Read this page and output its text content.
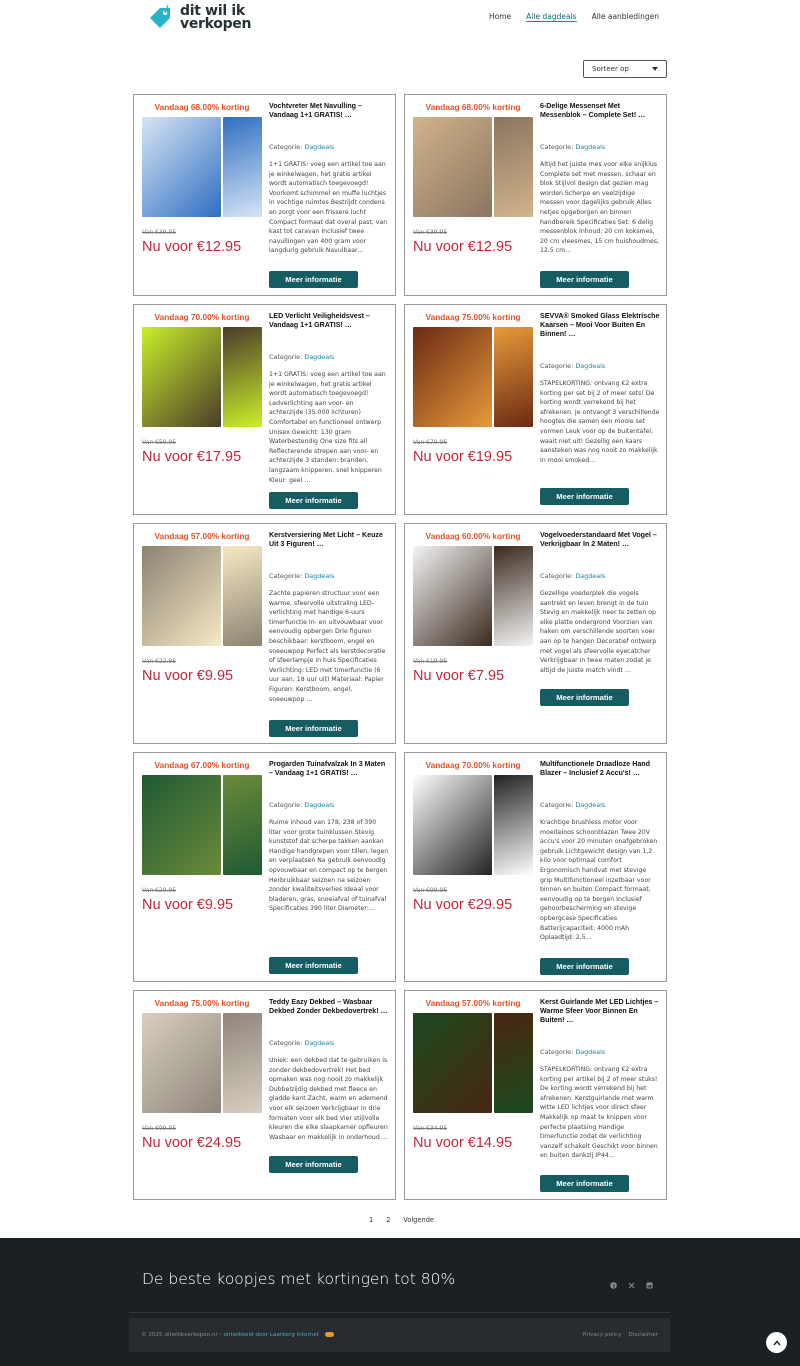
dit wil ik
verkopen	Home Alle dagdeals Alle aanbiedingen
Sorteer op
Vandaag 68.00% korting
Van €39.95
Nu voor €12.95
Vochtvreter Met Navulling – Vandaag 1+1 GRATIS! …
Categorie: Dagdeals
1+1 GRATIS: voeg een artikel toe aan je winkelwagen, het gratis artikel wordt automatisch toegevoegd! Voorkomt schimmel en muffe luchtjes in vochtige ruimtes Bestrijdt condens en zorgt voor een frissere lucht Compact formaat dat overal past, van kast tot caravan Inclusief twee navullingen van 400 gram voor langdurig gebruik Navulbaar…
Meer informatie
Vandaag 68.00% korting
Van €39.95
Nu voor €12.95
6-Delige Messenset Met Messenblok – Complete Set! …
Categorie: Dagdeals
Altijd het juiste mes voor elke snijklus Complete set met messen, schaar en blok Stijlvol design dat gezien mag worden Scherpe en veelzijdige messen voor dagelijks gebruik Alles netjes opgeborgen en binnen handbereik Specificaties Set: 6 delig messenblok Inhoud: 20 cm koksmes, 20 cm vleesmes, 15 cm huishoudmes, 12,5 cm…
Meer informatie
Vandaag 70.00% korting
Van €59.95
Nu voor €17.95
LED Verlicht Veiligheidsvest – Vandaag 1+1 GRATIS! …
Categorie: Dagdeals
1+1 GRATIS: voeg een artikel toe aan je winkelwagen, het gratis artikel wordt automatisch toegevoegd! Ledverlichting aan voor- en achterzijde (35.000 lichturen) Comfortabel en functioneel ontwerp Unisex Gewicht: 130 gram Waterbestendig One size fits all Reflecterende strepen aan voor- en achterzijde 3 standen: branden, langzaam knipperen, snel knipperen Kleur: geel …
Meer informatie
Vandaag 75.00% korting
Van €79.95
Nu voor €19.95
SEVVA® Smoked Glass Elektrische Kaarsen – Mooi Voor Buiten En Binnen! …
Categorie: Dagdeals
STAPELKORTING: ontvang €2 extra korting per set bij 2 of meer sets! De korting wordt verrekend bij het afrekenen. Je ontvangt 3 verschillende hoogtes die samen een mooie set vormen Leuk voor op de buitentafel, waait niet uit! Gezellig een kaars aansteken was nog nooit zo makkelijk In mooi smoked…
Meer informatie
Vandaag 57.00% korting
Van €22.95
Nu voor €9.95
Kerstversiering Met Licht – Keuze Uit 3 Figuren! …
Categorie: Dagdeals
Zachte papieren structuur voor een warme, sfeervolle uitstraling LED-verlichting met handige 6-uurs timerfunctie In- en uitvouwbaar voor eenvoudig opbergen Drie figuren beschikbaar: kerstboom, engel en sneeuwpop Perfect als kerstdecoratie of sfeerlampje in huis Specificaties Verlichting: LED met timerfunctie (6 uur aan, 18 uur uit) Materiaal: Papier Figuren: Kerstboom, engel, sneeuwpop …
Meer informatie
Vandaag 60.00% korting
Van €19.95
Nu voor €7.95
Vogelvoederstandaard Met Vogel – Verkrijgbaar In 2 Maten! …
Categorie: Dagdeals
Gezellige voederplek die vogels aantrekt en leven brengt in de tuin Stevig en makkelijk neer te zetten op elke platte ondergrond Voorzien van haken om verschillende soorten voer aan op te hangen Decoratief ontwerp met vogel als sfeervolle eyecatcher Verkrijgbaar in twee maten zodat je altijd de juiste match vindt …
Meer informatie
Vandaag 67.00% korting
Van €29.95
Nu voor €9.95
Progarden Tuinafvalzak In 3 Maten – Vandaag 1+1 GRATIS! …
Categorie: Dagdeals
Ruime inhoud van 178, 238 of 390 liter voor grote tuinklussen Stevig kunststof dat scherpe takken aankan Handige handgrepen voor tillen, legen en verplaatsen Na gebruik eenvoudig opvouwbaar en compact op te bergen Herbruikbaar seizoen na seizoen zonder kwaliteitsverlies Ideaal voor bladeren, gras, snoeiafval of tuinafval Specificaties 390 liter Diameter:…
Meer informatie
Vandaag 70.00% korting
Van €99.95
Nu voor €29.95
Multifunctionele Draadloze Hand Blazer – Inclusief 2 Accu's! …
Categorie: Dagdeals
Krachtige brushless motor voor moeiteloos schoonblazen Twee 20V accu's voor 20 minuten onafgebroken gebruik Lichtgewicht design van 1,2 kilo voor optimaal comfort Ergonomisch handvat met stevige grip Multifunctioneel inzetbaar voor binnen en buiten Compact formaat, eenvoudig op te bergen Inclusief gehoorbescherming en stevige opbergcase Specificaties Batterijcapaciteit: 4000 mAh Oplaadtijd: 2,5…
Meer informatie
Vandaag 75.00% korting
Van €99.95
Nu voor €24.95
Teddy Eazy Dekbed – Wasbaar Dekbed Zonder Dekbedovertrek! …
Categorie: Dagdeals
Uniek: een dekbed dat te gebruiken is zonder dekbedovertrek! Het bed opmaken was nog nooit zo makkelijk Dubbelzijdig dekbed met fleece en gladde kant Zacht, warm en ademend voor elk seizoen Verkrijgbaar in drie formaten voor elk bed Vier stijlvolle kleuren die elke slaapkamer opfleuren Wasbaar en makkelijk in onderhoud …
Meer informatie
Vandaag 57.00% korting
Van €34.95
Nu voor €14.95
Kerst Guirlande Met LED Lichtjes – Warme Sfeer Voor Binnen En Buiten! …
Categorie: Dagdeals
STAPELKORTING: ontvang €2 extra korting per artikel bij 2 of meer stuks! De korting wordt verrekend bij het afrekenen. Kerstguirlande met warm witte LED lichtjes voor direct sfeer Makkelijk op maat te knippen voor perfecte plaatsing Handige timerfunctie zodat de verlichting vanzelf schakelt Geschikt voor binnen en buiten dankzij IP44…
Meer informatie
1 2 Volgende
De beste koopjes met kortingen tot 80%
© 2025 ditwilikverkopen.nl – ontwikkeld door Laarberg Internet	Privacy policy Disclaimer
